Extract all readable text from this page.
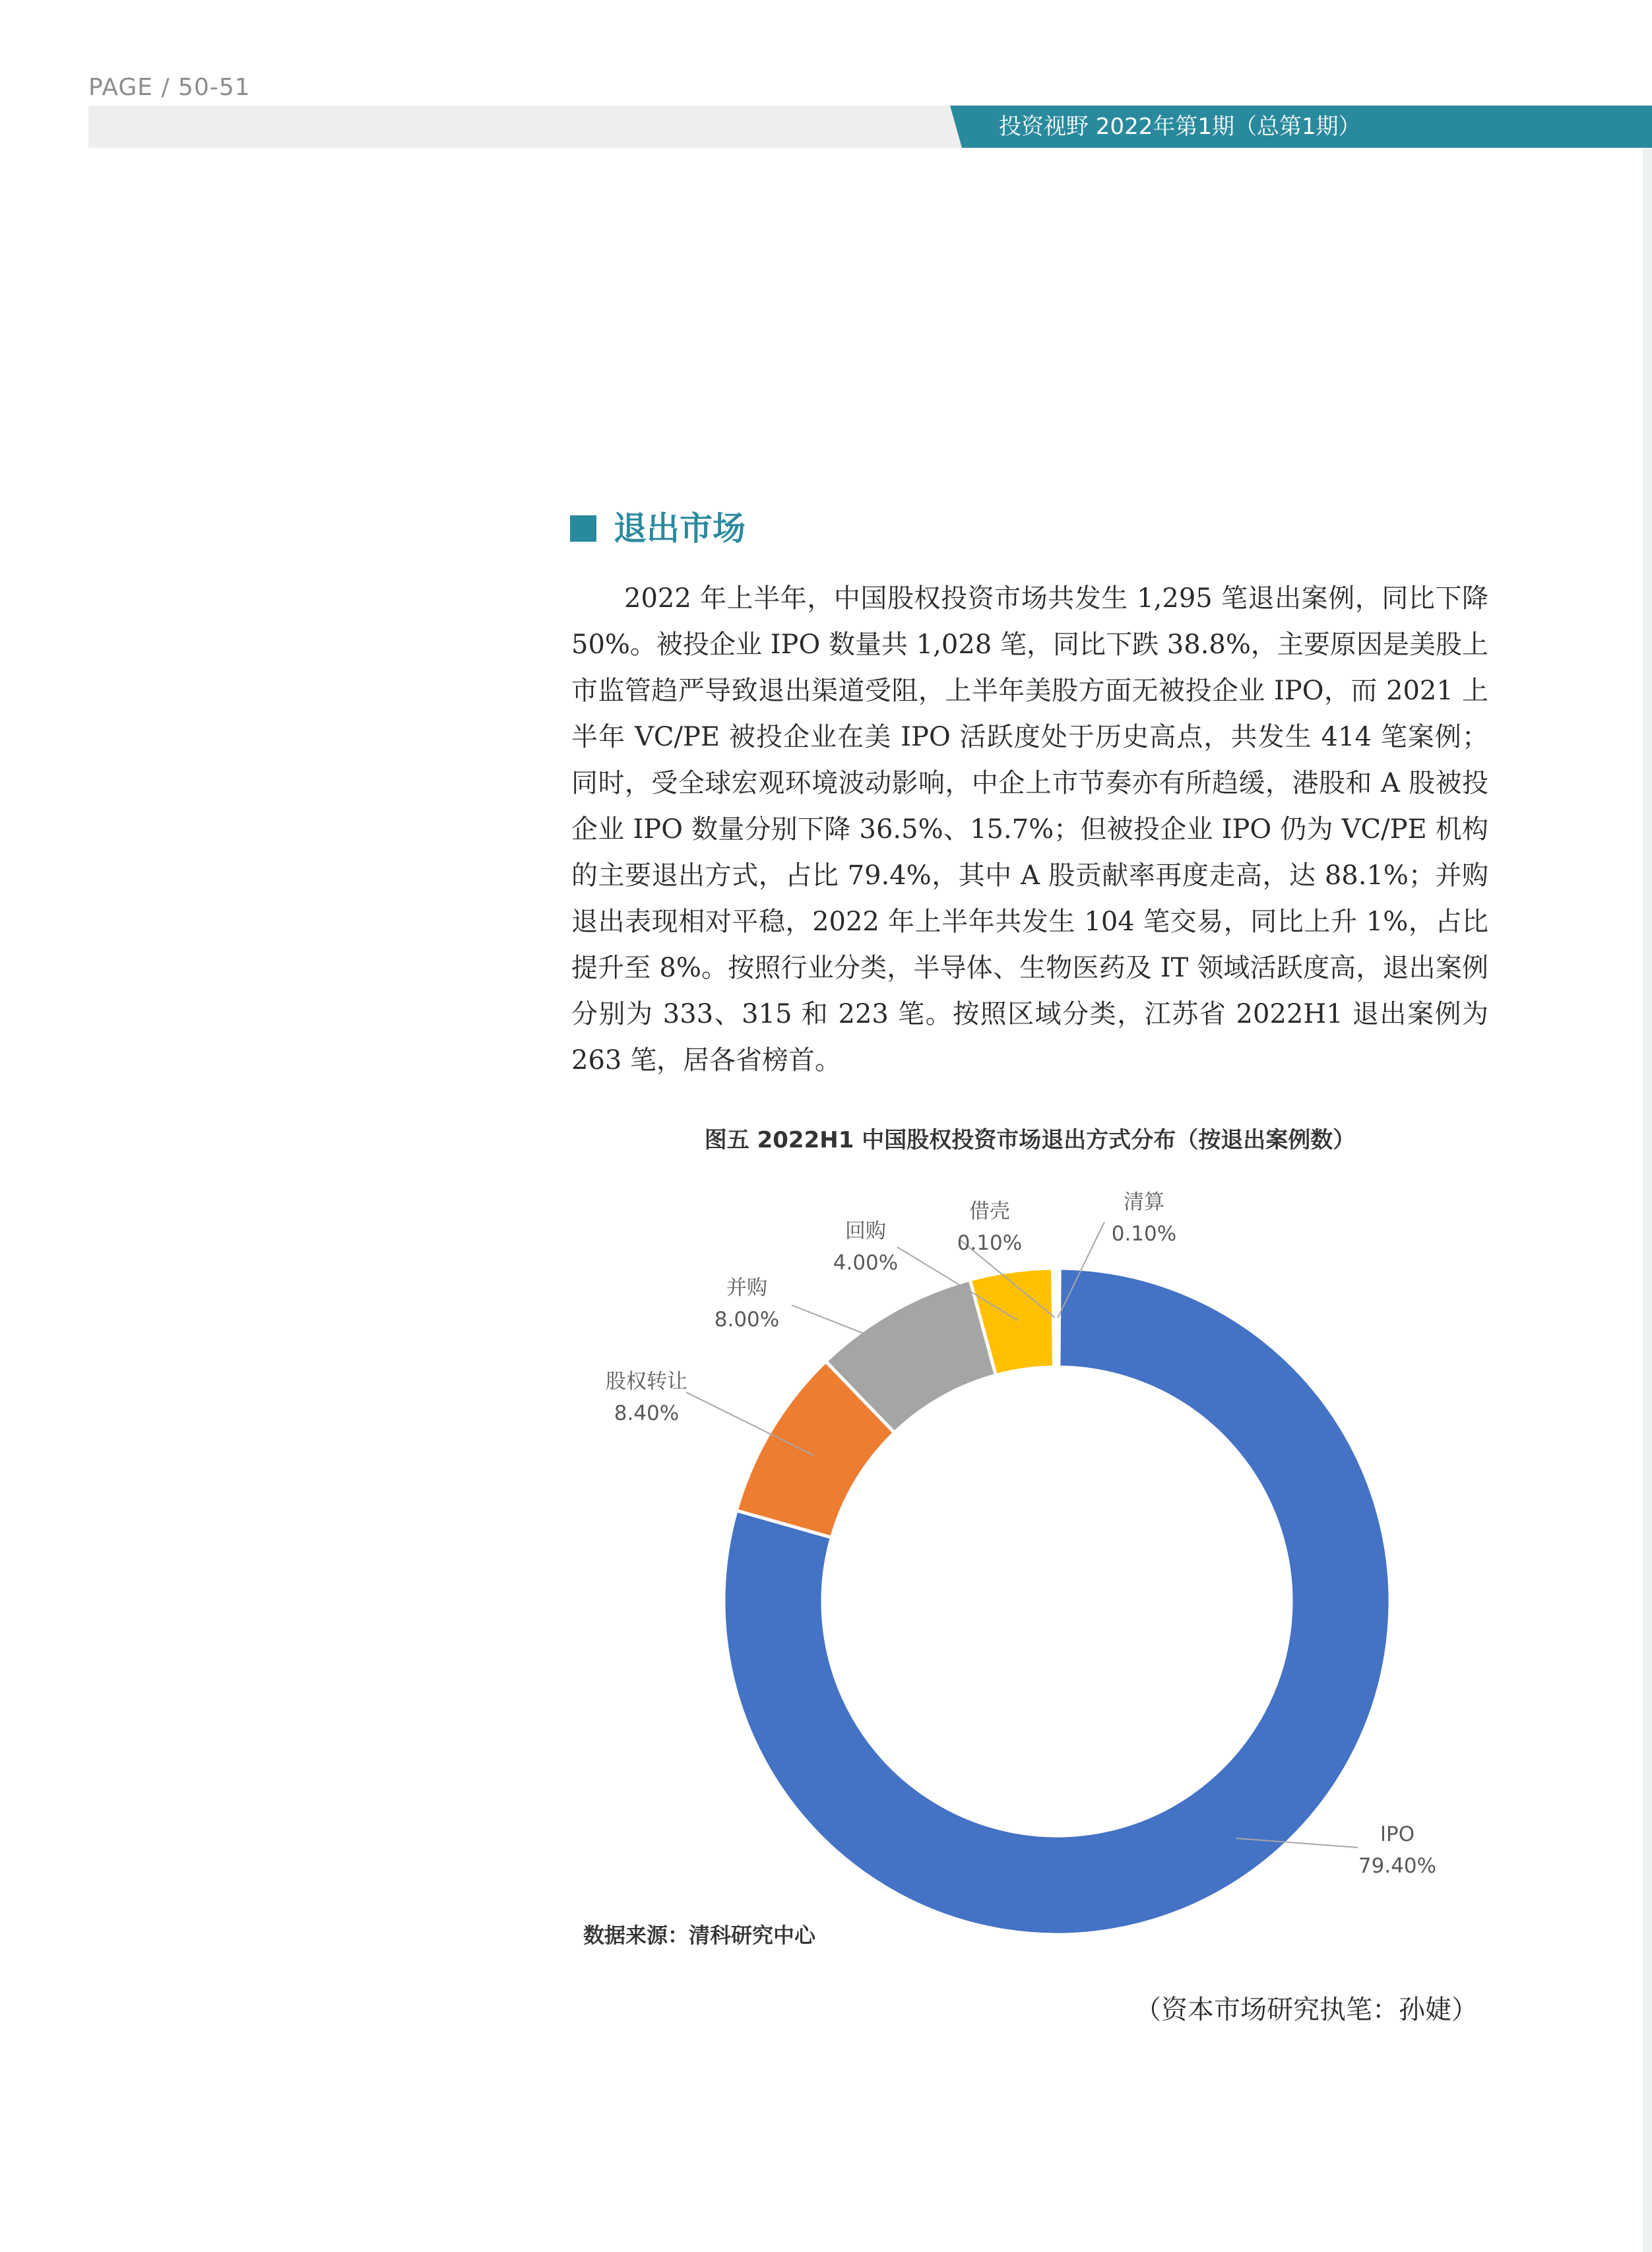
PAGE / 50-51
投资视野 2022年第1期（总第1期）
退出市场

2022 年上半年，中国股权投资市场共发生 1,295 笔退出案例，同比下降 50%。被投企业 IPO 数量共 1,028 笔，同比下跌 38.8%，主要原因是美股上市监管趋严导致退出渠道受阻，上半年美股方面无被投企业 IPO，而 2021 上半年 VC/PE 被投企业在美 IPO 活跃度处于历史高点，共发生 414 笔案例；同时，受全球宏观环境波动影响，中企上市节奏亦有所趋缓，港股和 A 股被投企业 IPO 数量分别下降 36.5%、15.7%；但被投企业 IPO 仍为 VC/PE 机构的主要退出方式，占比 79.4%，其中 A 股贡献率再度走高，达 88.1%；并购退出表现相对平稳，2022 年上半年共发生 104 笔交易，同比上升 1%，占比提升至 8%。按照行业分类，半导体、生物医药及 IT 领域活跃度高，退出案例分别为 333、315 和 223 笔。按照区域分类，江苏省 2022H1 退出案例为 263 笔，居各省榜首。

图五 2022H1 中国股权投资市场退出方式分布（按退出案例数）
IPO
79.40%
股权转让
8.40%
并购
8.00%
回购
4.00%
借壳
0.10%
清算
0.10%
数据来源：清科研究中心
（资本市场研究执笔：孙婕）
